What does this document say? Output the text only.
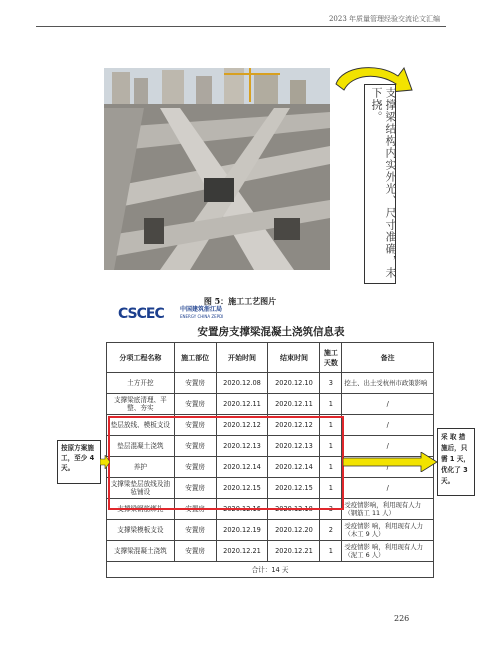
2023 年质量管理经验交流论文汇编
支撑梁结构内实外光、尺寸准确，未下挠。
图 5：施工工艺图片
CSCEC	中国建筑浙江局
ENERGY CHINA ZEPDI
安置房支撑梁混凝土浇筑信息表
分项工程名称	施工部位	开始时间	结束时间	施工天数	备注
土方开挖	安置房	2020.12.08	2020.12.10	3	挖土、出土受杭州市政策影响
支撑梁底清理、平整、夯实	安置房	2020.12.11	2020.12.11	1	/
垫层放线、模板支设	安置房	2020.12.12	2020.12.12	1	/
垫层混凝土浇筑	安置房	2020.12.13	2020.12.13	1	/
养护	安置房	2020.12.14	2020.12.14	1	/
支撑梁垫层放线及油毡铺设	安置房	2020.12.15	2020.12.15	1	/
支撑梁钢筋绑扎	安置房	2020.12.16	2020.12.18	3	受疫情影响，利用现有人力（钢筋工 11 人）
支撑梁模板支设	安置房	2020.12.19	2020.12.20	2	受疫情影 响，利用现有人力（木工 9 人）
支撑梁混凝土浇筑	安置房	2020.12.21	2020.12.21	1	受疫情影 响，利用现有人力（泥工 6 人）
合计：14 天					
按原方案施工，至少 4 天。
采 取 措施后，只需 1 天，优化了 3 天。
226
